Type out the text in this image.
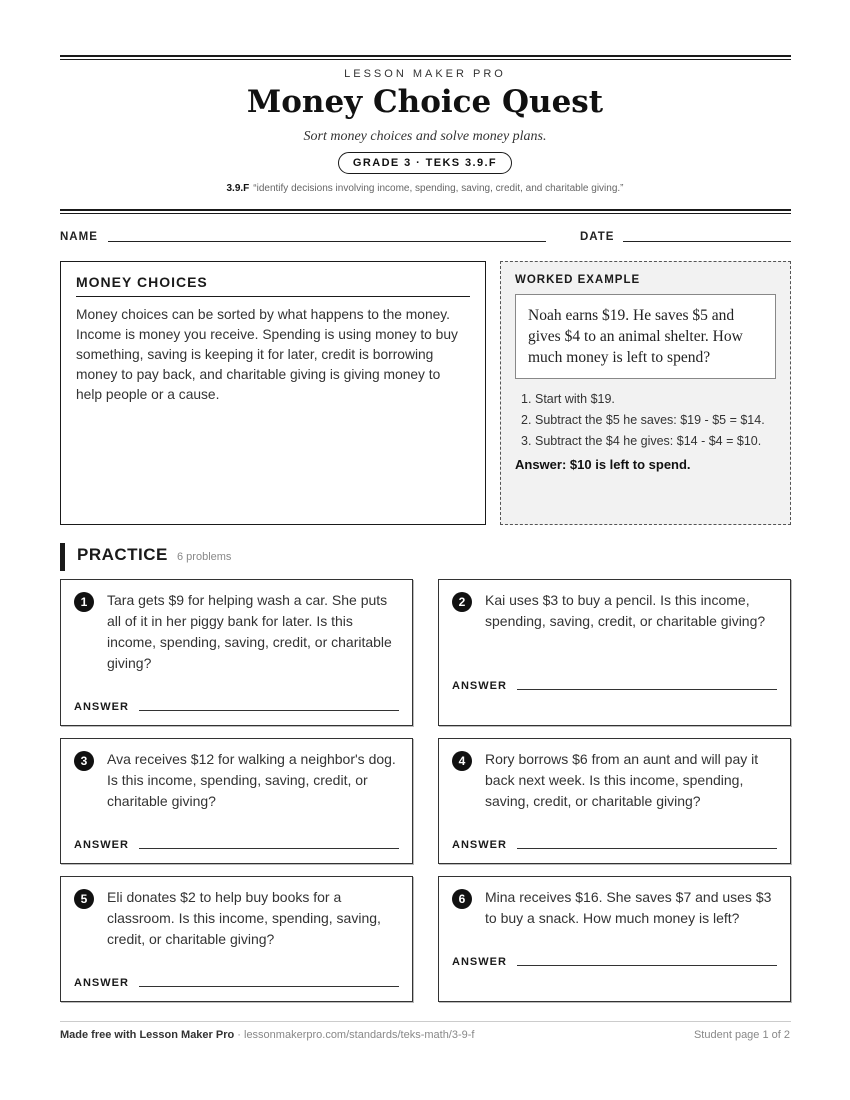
LESSON MAKER PRO
Money Choice Quest
Sort money choices and solve money plans.
GRADE 3 · TEKS 3.9.F
3.9.F “identify decisions involving income, spending, saving, credit, and charitable giving.”
NAME	DATE
MONEY CHOICES
Money choices can be sorted by what happens to the money. Income is money you receive. Spending is using money to buy something, saving is keeping it for later, credit is borrowing money to pay back, and charitable giving is giving money to help people or a cause.
WORKED EXAMPLE
Noah earns $19. He saves $5 and gives $4 to an animal shelter. How much money is left to spend?
1. Start with $19.
2. Subtract the $5 he saves: $19 - $5 = $14.
3. Subtract the $4 he gives: $14 - $4 = $10.
Answer: $10 is left to spend.
PRACTICE 6 problems
1	Tara gets $9 for helping wash a car. She puts all of it in her piggy bank for later. Is this income, spending, saving, credit, or charitable giving?
ANSWER
2	Kai uses $3 to buy a pencil. Is this income, spending, saving, credit, or charitable giving?
ANSWER
3	Ava receives $12 for walking a neighbor's dog. Is this income, spending, saving, credit, or charitable giving?
ANSWER
4	Rory borrows $6 from an aunt and will pay it back next week. Is this income, spending, saving, credit, or charitable giving?
ANSWER
5	Eli donates $2 to help buy books for a classroom. Is this income, spending, saving, credit, or charitable giving?
ANSWER
6	Mina receives $16. She saves $7 and uses $3 to buy a snack. How much money is left?
ANSWER
Made free with Lesson Maker Pro · lessonmakerpro.com/standards/teks-math/3-9-f	Student page 1 of 2
